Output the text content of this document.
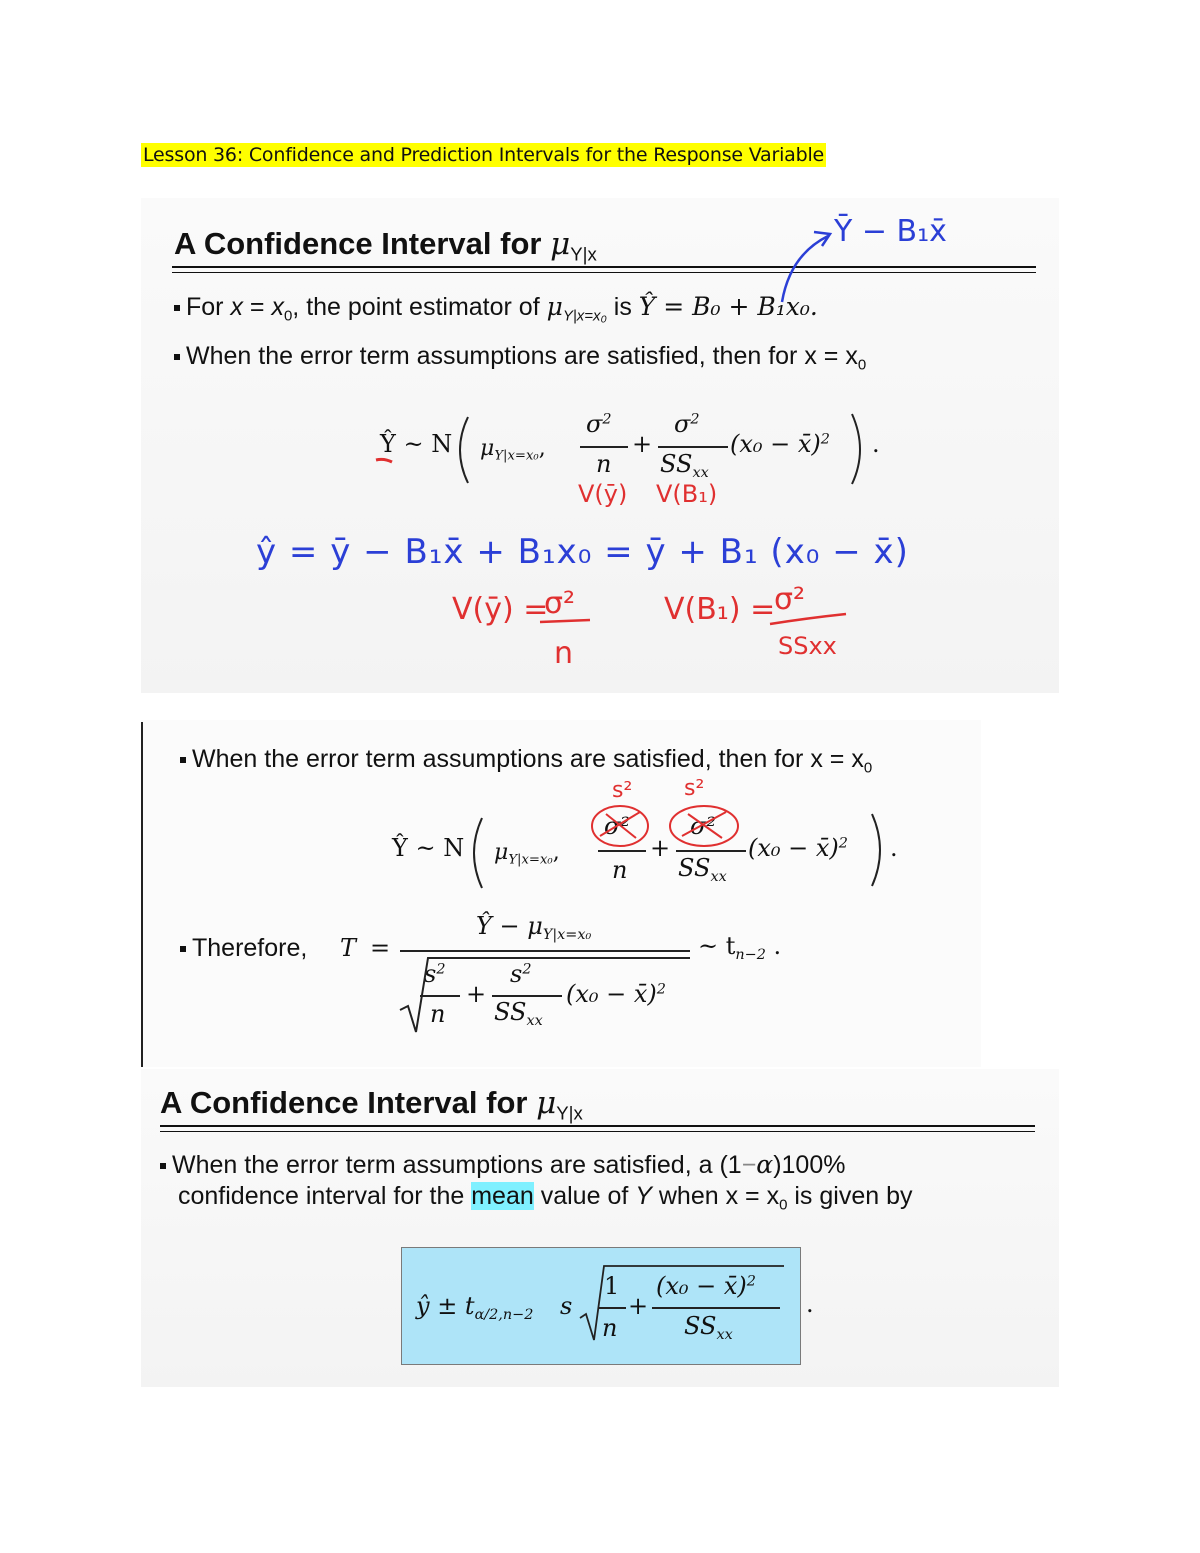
Lesson 36: Confidence and Prediction Intervals for the Response Variable
A Confidence Interval for $\mu_{Y|x}$
For $x = x_0$, the point estimator of $\mu_{Y|x=x_0}$ is Ŷ = B₀ + B₁x₀.
When the error term assumptions are satisfied, then for $x = x_0$
Ŷ ~ N $\mu_{Y|x=x_0}$,
$\sigma^2$
n
+
$\sigma^2$
$SS_{xx}$
(x₀ − x̄)$^2$ .
Ȳ − B₁x̄
V(ȳ) V(B₁)
ŷ = ȳ − B₁x̄ + B₁x₀ = ȳ + B₁ (x₀ − x̄)
V(ȳ) =
σ²
n
V(B₁) =
σ²
SSxx
When the error term assumptions are satisfied, then for $x = x_0$
Ŷ ~ N $\mu_{Y|x=x_0}$,
σ²
n
+
σ²
$SS_{xx}$
(x₀ − x̄)$^2$ .
s² s²
Therefore, T =
Ŷ − $\mu_{Y|x=x_0}$	~ $t_{n-2}$ .
$s^2$
n
+
$s^2$
$SS_{xx}$
(x₀ − x̄)$^2$
A Confidence Interval for $\mu_{Y|x}$
When the error term assumptions are satisfied, a (1−α)100%
confidence interval for the mean value of Y when $x = x_0$ is given by
ŷ ± $t_{\alpha/2,n-2}$ s
1
n
+
(x₀ − x̄)$^2$
$SS_{xx}$
.
